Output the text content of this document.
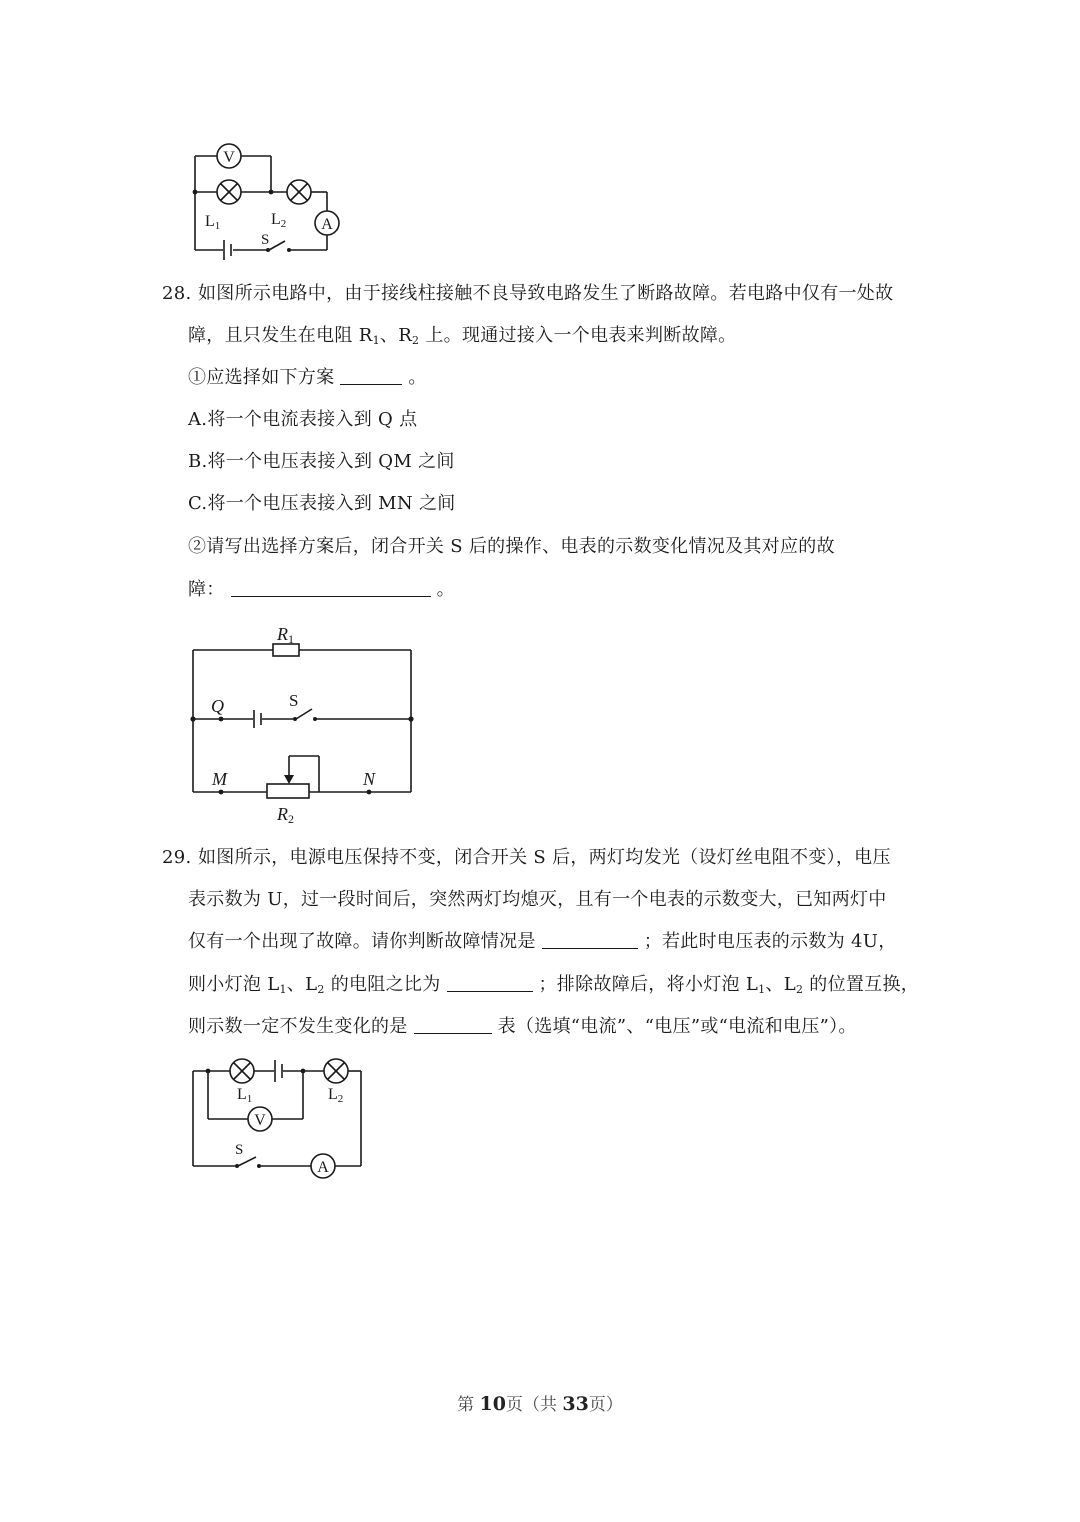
V
A
L1	L2
S
28. 如图所示电路中，由于接线柱接触不良导致电路发生了断路故障。若电路中仅有一处故
障，且只发生在电阻 $R_1$、$R_2$ 上。现通过接入一个电表来判断故障。
①应选择如下方案	。
A.将一个电流表接入到 Q 点
B.将一个电压表接入到 QM 之间
C.将一个电压表接入到 MN 之间
②请写出选择方案后，闭合开关 S 后的操作、电表的示数变化情况及其对应的故
障：	。
R1
R2
Q
M	N
S
29. 如图所示，电源电压保持不变，闭合开关 S 后，两灯均发光（设灯丝电阻不变），电压
表示数为 U，过一段时间后，突然两灯均熄灭，且有一个电表的示数变大，已知两灯中
仅有一个出现了故障。请你判断故障情况是	；若此时电压表的示数为 4U，
则小灯泡 $L_1$、$L_2$ 的电阻之比为	；排除故障后，将小灯泡 $L_1$、$L_2$ 的位置互换，
则示数一定不发生变化的是	表（选填“电流”、“电压”或“电流和电压”）。
V
A
L1	L2
S
第 10页（共 33页）
